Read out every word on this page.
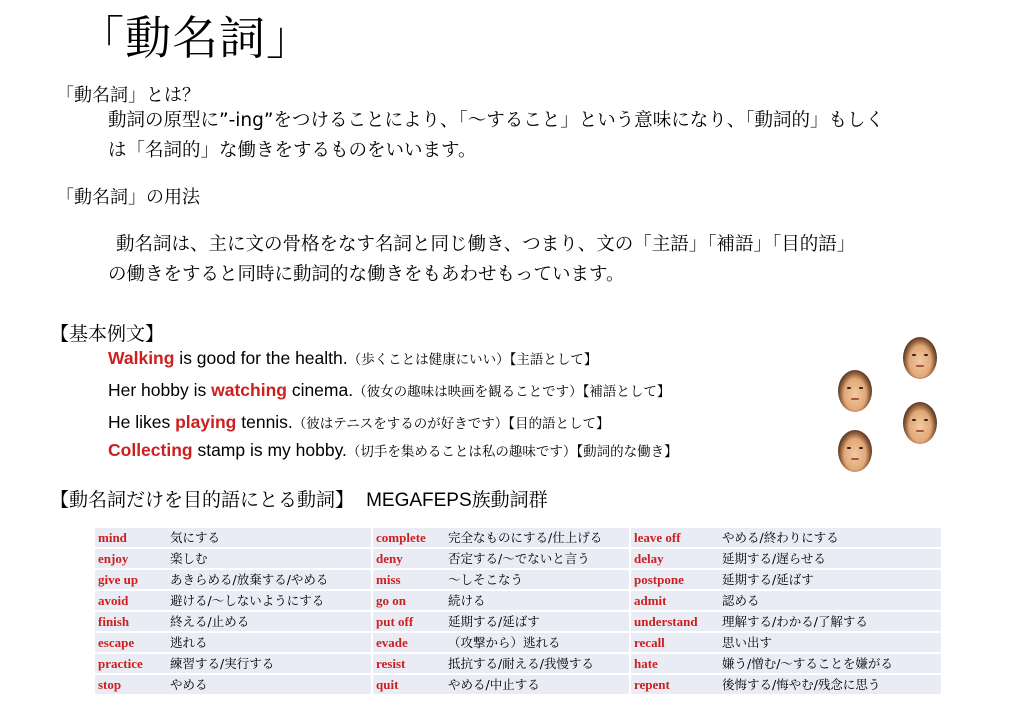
「動名詞」
「動名詞」とは？
動詞の原型に”-ing”をつけることにより、「～すること」という意味になり、「動詞的」もしく
は「名詞的」な働きをするものをいいます。
「動名詞」の用法
動名詞は、主に文の骨格をなす名詞と同じ働き、つまり、文の「主語」「補語」「目的語」
の働きをすると同時に動詞的な働きをもあわせもっています。
【基本例文】
Walking is good for the health.（歩くことは健康にいい）【主語として】
Her hobby is watching cinema.（彼女の趣味は映画を観ることです）【補語として】
He likes playing tennis.（彼はテニスをするのが好きです）【目的語として】
Collecting stamp is my hobby.（切手を集めることは私の趣味です）【動詞的な働き】
【動名詞だけを目的語にとる動詞】 MEGAFEPS族動詞群
mind	気にする		complete	完全なものにする/仕上げる		leave off	やめる/終わりにする
enjoy	楽しむ		deny	否定する/～でないと言う		delay	延期する/遅らせる
give up	あきらめる/放棄する/やめる		miss	～しそこなう		postpone	延期する/延ばす
avoid	避ける/～しないようにする		go on	続ける		admit	認める
finish	終える/止める		put off	延期する/延ばす		understand	理解する/わかる/了解する
escape	逃れる		evade	（攻撃から）逃れる		recall	思い出す
practice	練習する/実行する		resist	抵抗する/耐える/我慢する		hate	嫌う/憎む/～することを嫌がる
stop	やめる		quit	やめる/中止する		repent	後悔する/悔やむ/残念に思う
